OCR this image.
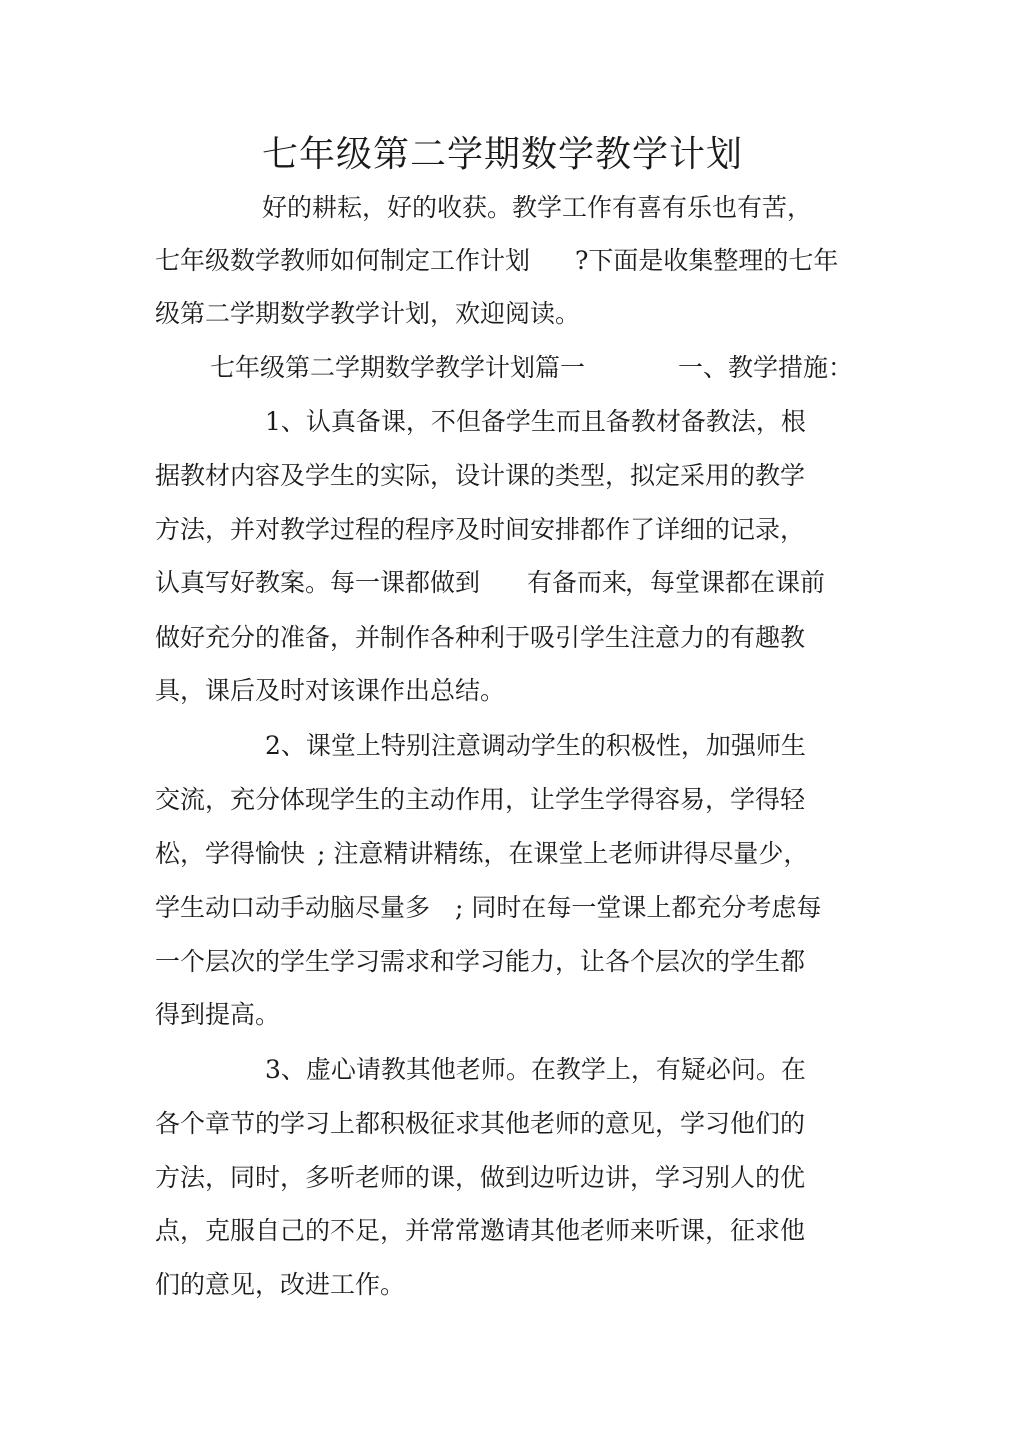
七年级第二学期数学教学计划
好的耕耘，好的收获。教学工作有喜有乐也有苦，
七年级数学教师如何制定工作计划 ?下面是收集整理的七年
级第二学期数学教学计划，欢迎阅读。
七年级第二学期数学教学计划篇一	一、教学措施：
1、认真备课，不但备学生而且备教材备教法，根
据教材内容及学生的实际，设计课的类型，拟定采用的教学
方法，并对教学过程的程序及时间安排都作了详细的记录，
认真写好教案。每一课都做到 有备而来
，每堂课都在课前
做好充分的准备，并制作各种利于吸引学生注意力的有趣教
具，课后及时对该课作出总结。
2、课堂上特别注意调动学生的积极性，加强师生
交流，充分体现学生的主动作用，让学生学得容易，学得轻
松，学得愉快 ; 注意精讲精练，在课堂上老师讲得尽量少，
学生动口动手动脑尽量多 ; 同时在每一堂课上都充分考虑每
一个层次的学生学习需求和学习能力，让各个层次的学生都
得到提高。
3、虚心请教其他老师。在教学上，有疑必问。在
各个章节的学习上都积极征求其他老师的意见，学习他们的
方法，同时，多听老师的课，做到边听边讲，学习别人的优
点，克服自己的不足，并常常邀请其他老师来听课，征求他
们的意见，改进工作。
